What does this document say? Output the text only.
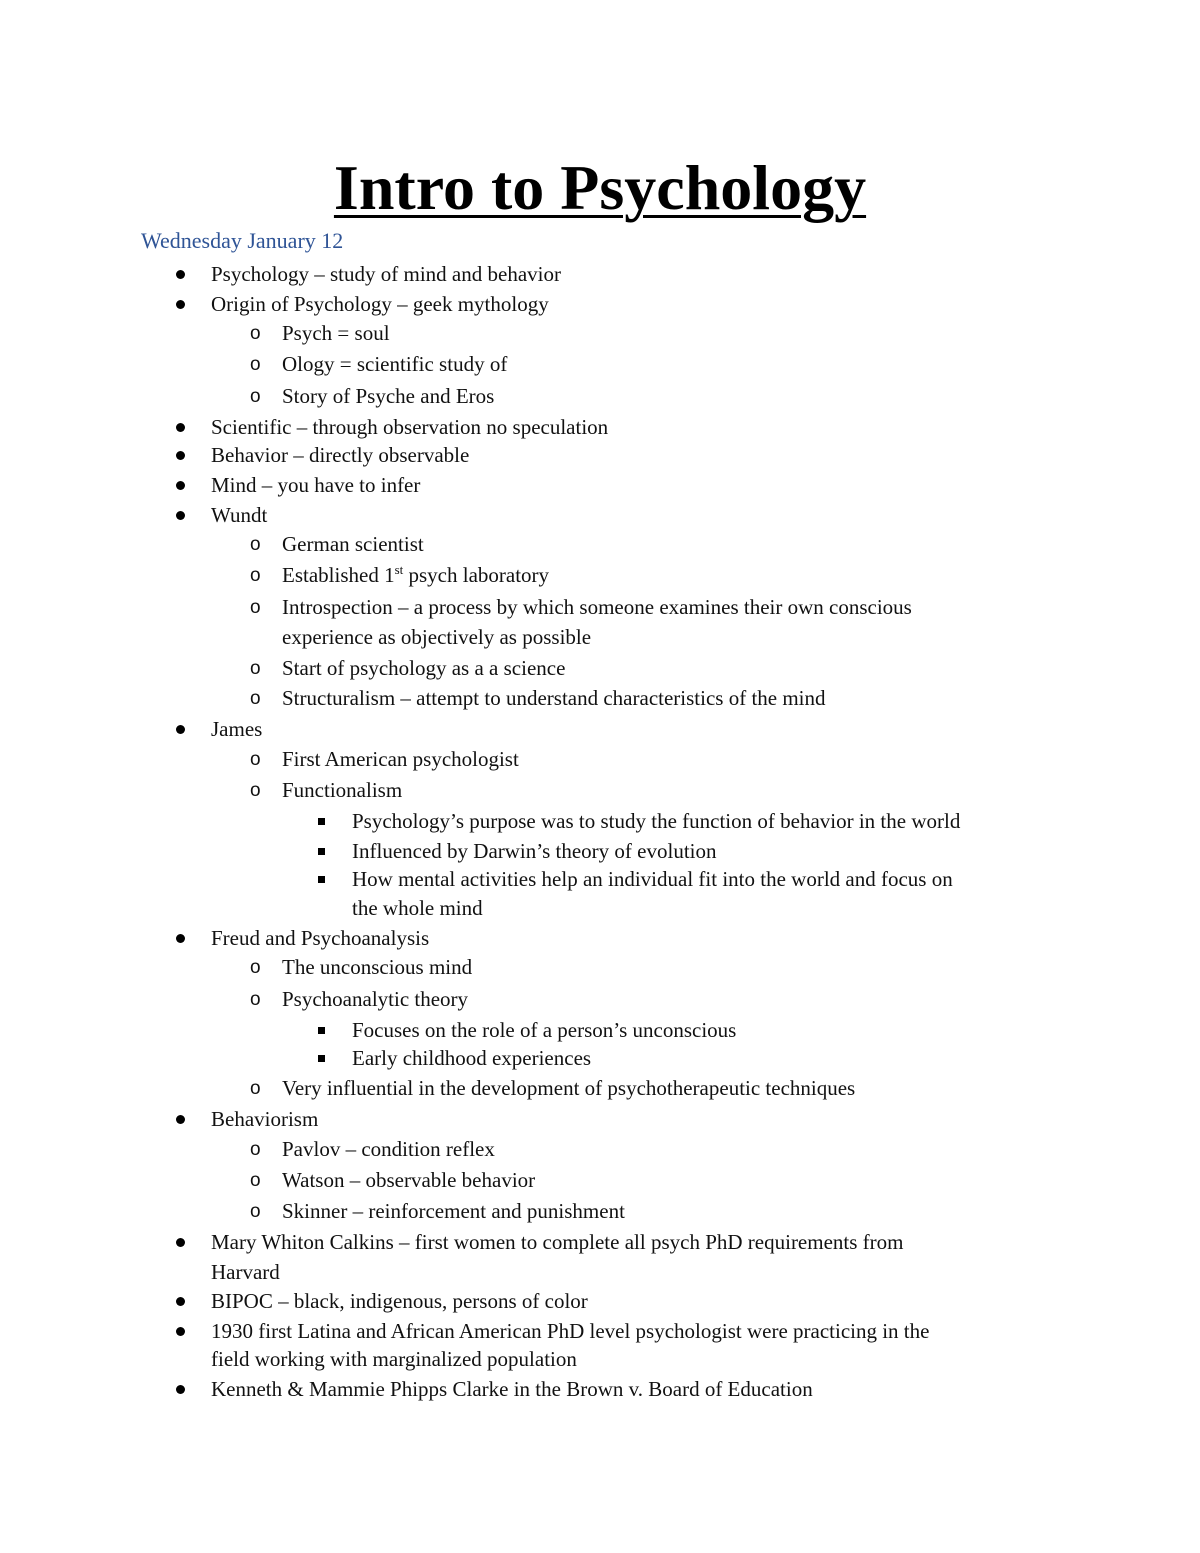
Intro to Psychology
Wednesday January 12
Psychology – study of mind and behavior
Origin of Psychology – geek mythology
o Psych = soul
o Ology = scientific study of
o Story of Psyche and Eros
Scientific – through observation no speculation
Behavior – directly observable
Mind – you have to infer
Wundt
o German scientist
o Established 1st psych laboratory
o Introspection – a process by which someone examines their own conscious
experience as objectively as possible
o Start of psychology as a a science
o Structuralism – attempt to understand characteristics of the mind
James
o First American psychologist
o Functionalism
Psychology’s purpose was to study the function of behavior in the world
Influenced by Darwin’s theory of evolution
How mental activities help an individual fit into the world and focus on
the whole mind
Freud and Psychoanalysis
o The unconscious mind
o Psychoanalytic theory
Focuses on the role of a person’s unconscious
Early childhood experiences
o Very influential in the development of psychotherapeutic techniques
Behaviorism
o Pavlov – condition reflex
o Watson – observable behavior
o Skinner – reinforcement and punishment
Mary Whiton Calkins – first women to complete all psych PhD requirements from
Harvard
BIPOC – black, indigenous, persons of color
1930 first Latina and African American PhD level psychologist were practicing in the
field working with marginalized population
Kenneth & Mammie Phipps Clarke in the Brown v. Board of Education
